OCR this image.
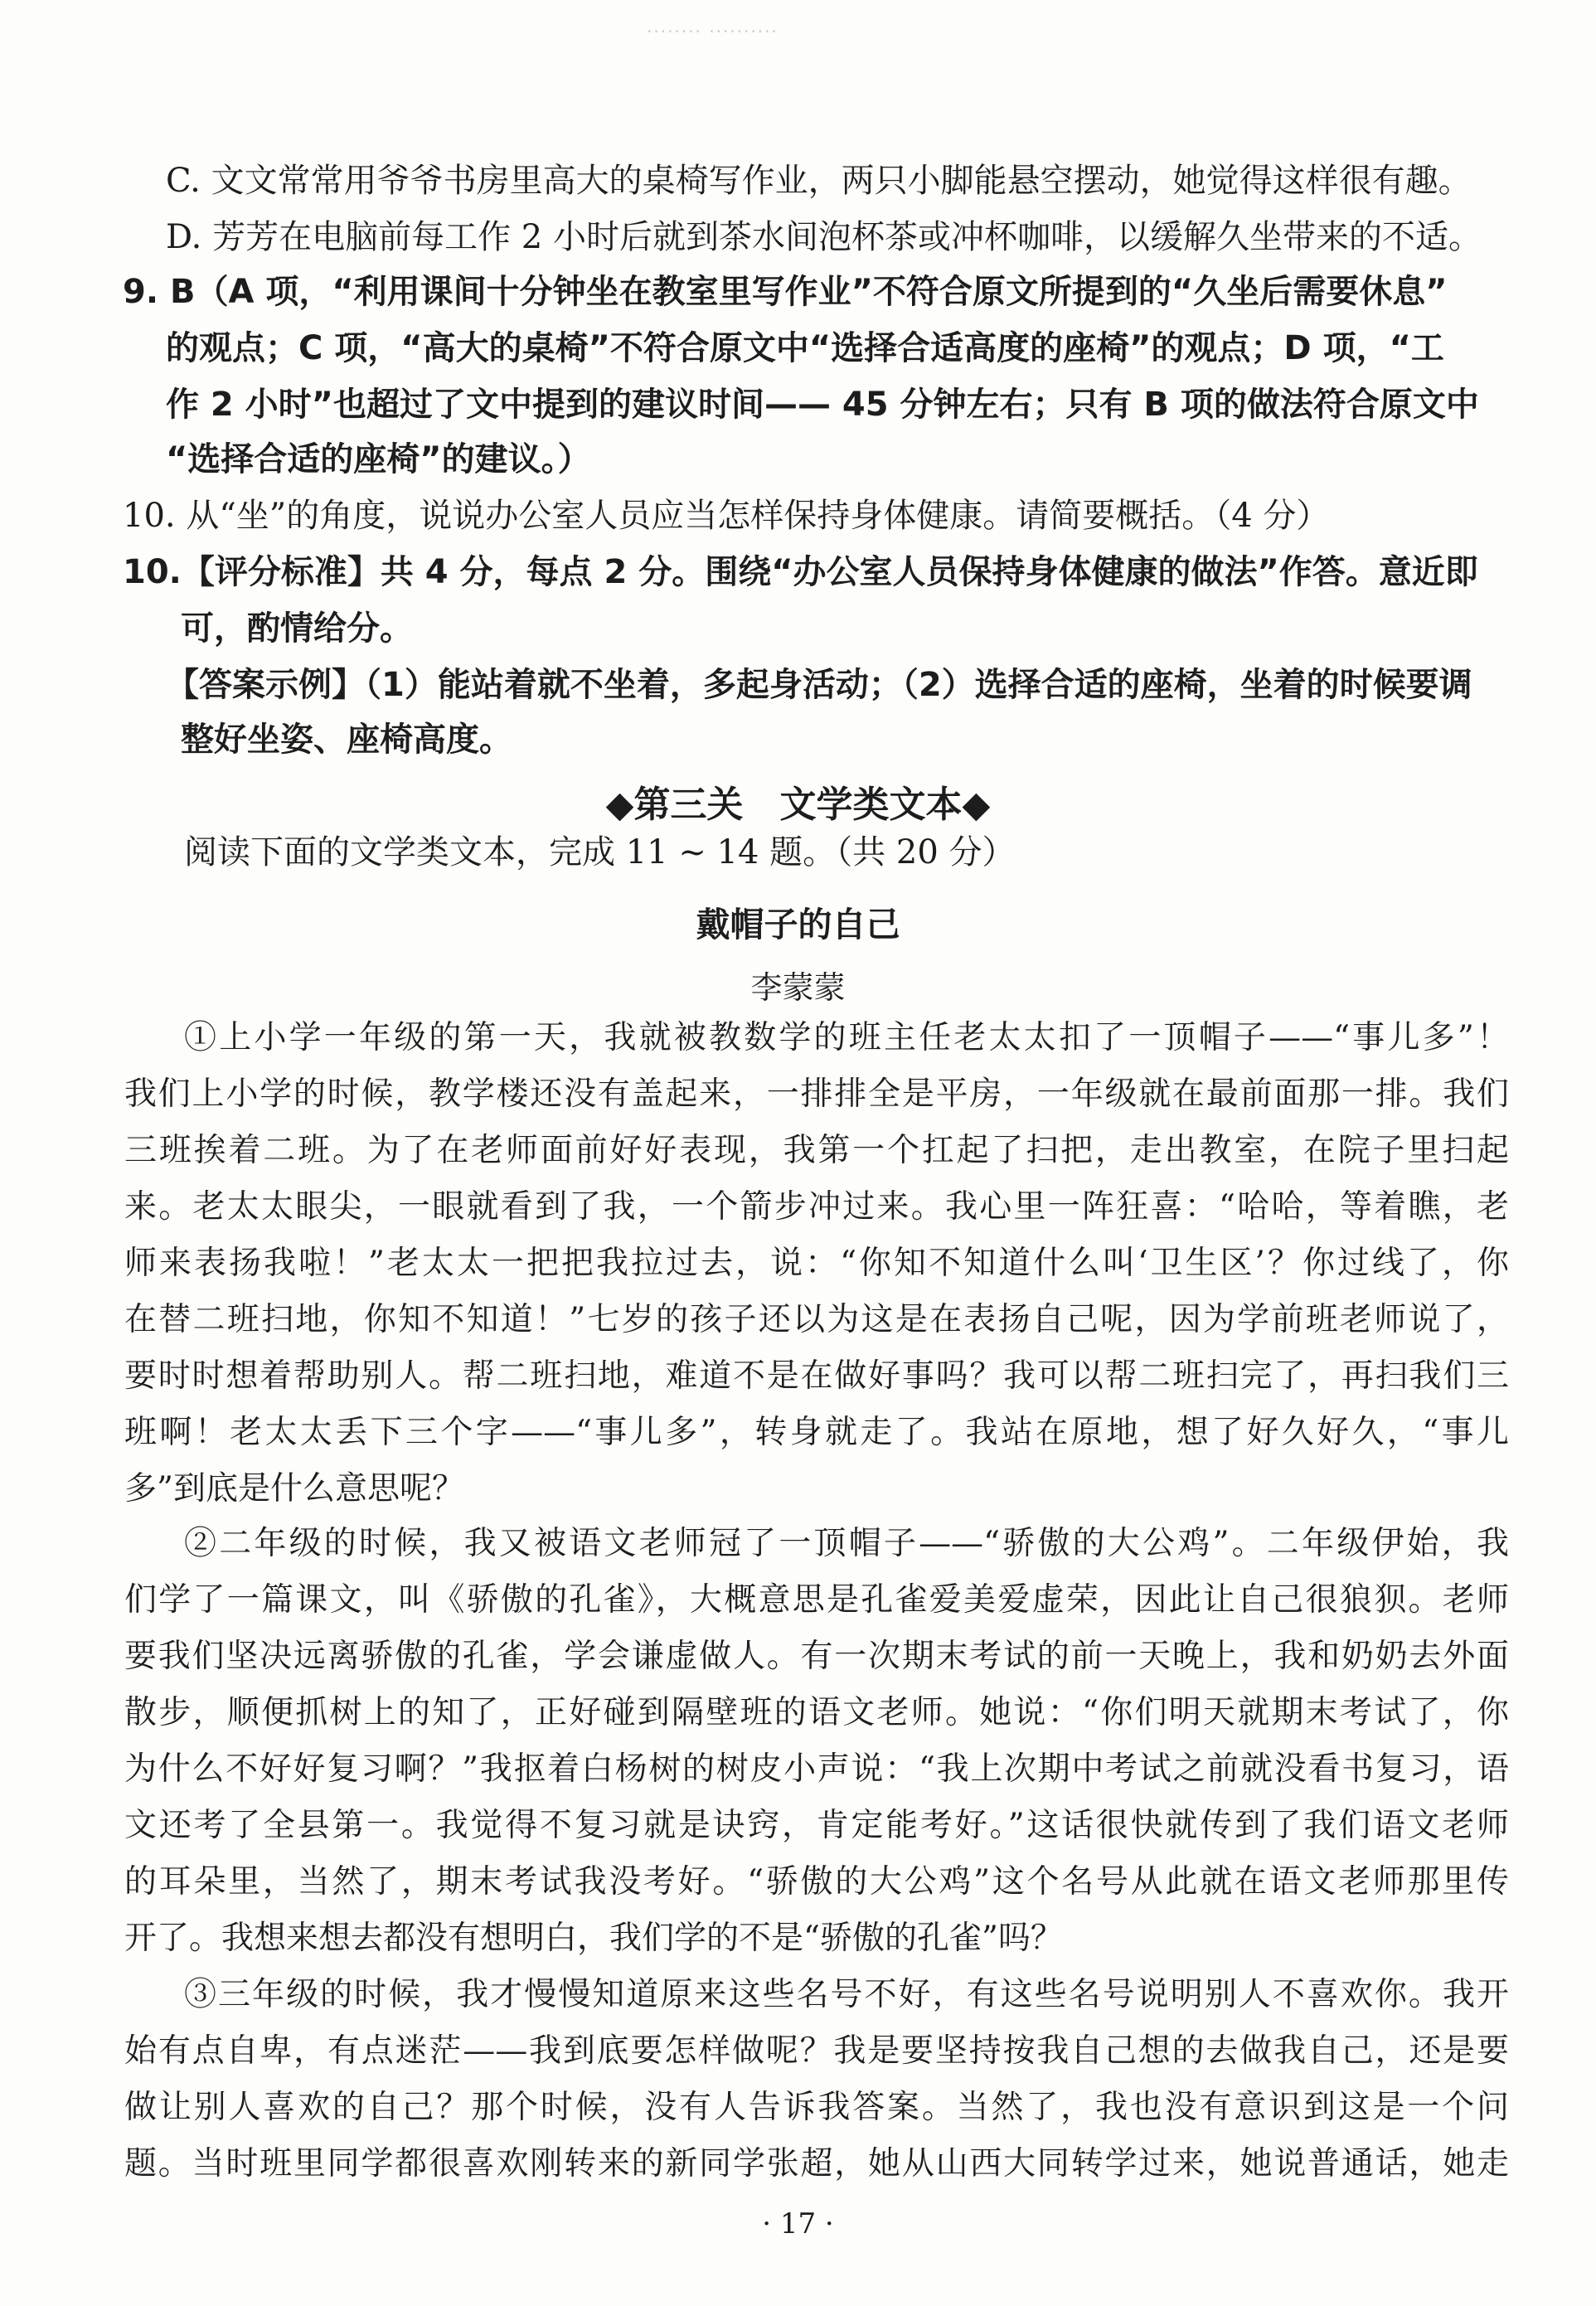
········ ··········
C. 文文常常用爷爷书房里高大的桌椅写作业，两只小脚能悬空摆动，她觉得这样很有趣。
D. 芳芳在电脑前每工作 2 小时后就到茶水间泡杯茶或冲杯咖啡，以缓解久坐带来的不适。
9. B（A 项，“利用课间十分钟坐在教室里写作业”不符合原文所提到的“久坐后需要休息”
的观点；C 项，“高大的桌椅”不符合原文中“选择合适高度的座椅”的观点；D 项，“工
作 2 小时”也超过了文中提到的建议时间—— 45 分钟左右；只有 B 项的做法符合原文中
“选择合适的座椅”的建议。）
10. 从“坐”的角度，说说办公室人员应当怎样保持身体健康。请简要概括。（4 分）
10.【评分标准】共 4 分，每点 2 分。围绕“办公室人员保持身体健康的做法”作答。意近即
可，酌情给分。
【答案示例】（1）能站着就不坐着，多起身活动；（2）选择合适的座椅，坐着的时候要调
整好坐姿、座椅高度。
◆第三关　文学类文本◆
阅读下面的文学类文本，完成 11 ~ 14 题。（共 20 分）
戴帽子的自己
李蒙蒙
①上小学一年级的第一天，我就被教数学的班主任老太太扣了一顶帽子——“事儿多”！
我们上小学的时候，教学楼还没有盖起来，一排排全是平房，一年级就在最前面那一排。我们
三班挨着二班。为了在老师面前好好表现，我第一个扛起了扫把，走出教室，在院子里扫起
来。老太太眼尖，一眼就看到了我，一个箭步冲过来。我心里一阵狂喜：“哈哈，等着瞧，老
师来表扬我啦！”老太太一把把我拉过去，说：“你知不知道什么叫‘卫生区’？你过线了，你
在替二班扫地，你知不知道！”七岁的孩子还以为这是在表扬自己呢，因为学前班老师说了，
要时时想着帮助别人。帮二班扫地，难道不是在做好事吗？我可以帮二班扫完了，再扫我们三
班啊！老太太丢下三个字——“事儿多”，转身就走了。我站在原地，想了好久好久，“事儿
多”到底是什么意思呢？
②二年级的时候，我又被语文老师冠了一顶帽子——“骄傲的大公鸡”。二年级伊始，我
们学了一篇课文，叫《骄傲的孔雀》，大概意思是孔雀爱美爱虚荣，因此让自己很狼狈。老师
要我们坚决远离骄傲的孔雀，学会谦虚做人。有一次期末考试的前一天晚上，我和奶奶去外面
散步，顺便抓树上的知了，正好碰到隔壁班的语文老师。她说：“你们明天就期末考试了，你
为什么不好好复习啊？”我抠着白杨树的树皮小声说：“我上次期中考试之前就没看书复习，语
文还考了全县第一。我觉得不复习就是诀窍，肯定能考好。”这话很快就传到了我们语文老师
的耳朵里，当然了，期末考试我没考好。“骄傲的大公鸡”这个名号从此就在语文老师那里传
开了。我想来想去都没有想明白，我们学的不是“骄傲的孔雀”吗？
③三年级的时候，我才慢慢知道原来这些名号不好，有这些名号说明别人不喜欢你。我开
始有点自卑，有点迷茫——我到底要怎样做呢？我是要坚持按我自己想的去做我自己，还是要
做让别人喜欢的自己？那个时候，没有人告诉我答案。当然了，我也没有意识到这是一个问
题。当时班里同学都很喜欢刚转来的新同学张超，她从山西大同转学过来，她说普通话，她走
· 17 ·
